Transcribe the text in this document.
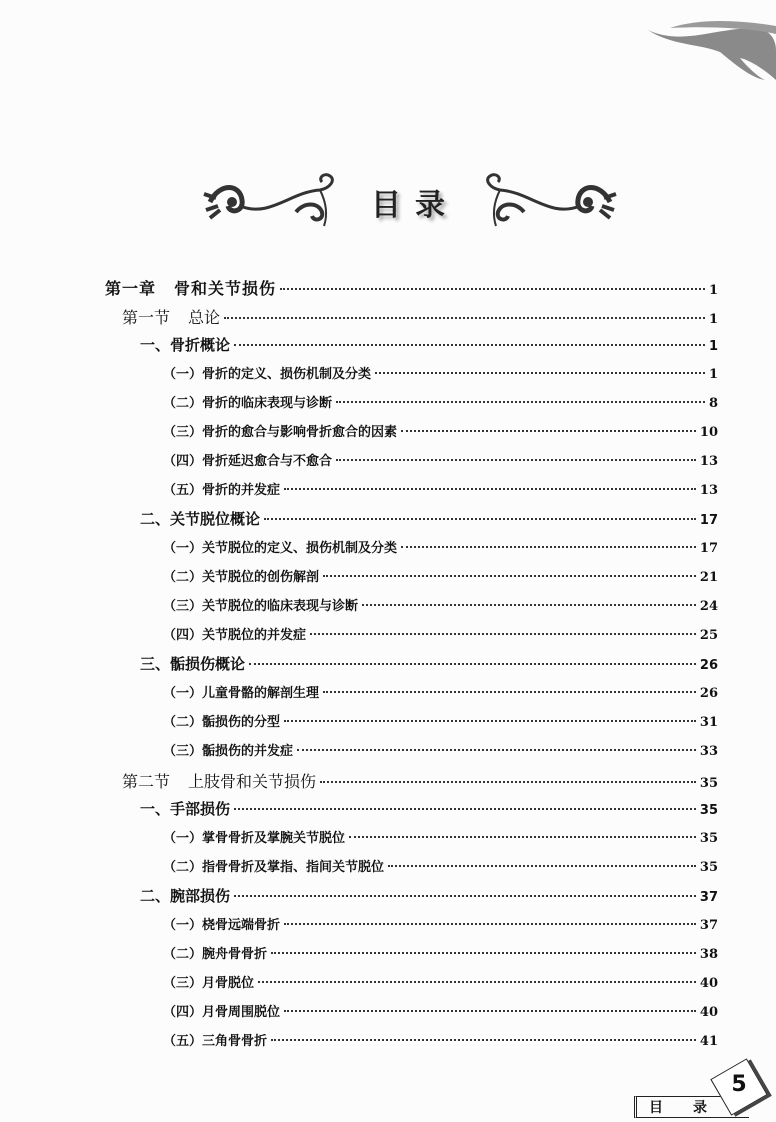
目录
第一章 骨和关节损伤	1
第一节 总论	1
一、骨折概论	1
（一）骨折的定义、损伤机制及分类	1
（二）骨折的临床表现与诊断	8
（三）骨折的愈合与影响骨折愈合的因素	10
（四）骨折延迟愈合与不愈合	13
（五）骨折的并发症	13
二、关节脱位概论	17
（一）关节脱位的定义、损伤机制及分类	17
（二）关节脱位的创伤解剖	21
（三）关节脱位的临床表现与诊断	24
（四）关节脱位的并发症	25
三、骺损伤概论	26
（一）儿童骨骼的解剖生理	26
（二）骺损伤的分型	31
（三）骺损伤的并发症	33
第二节 上肢骨和关节损伤	35
一、手部损伤	35
（一）掌骨骨折及掌腕关节脱位	35
（二）指骨骨折及掌指、指间关节脱位	35
二、腕部损伤	37
（一）桡骨远端骨折	37
（二）腕舟骨骨折	38
（三）月骨脱位	40
（四）月骨周围脱位	40
（五）三角骨骨折	41
目 录
5
